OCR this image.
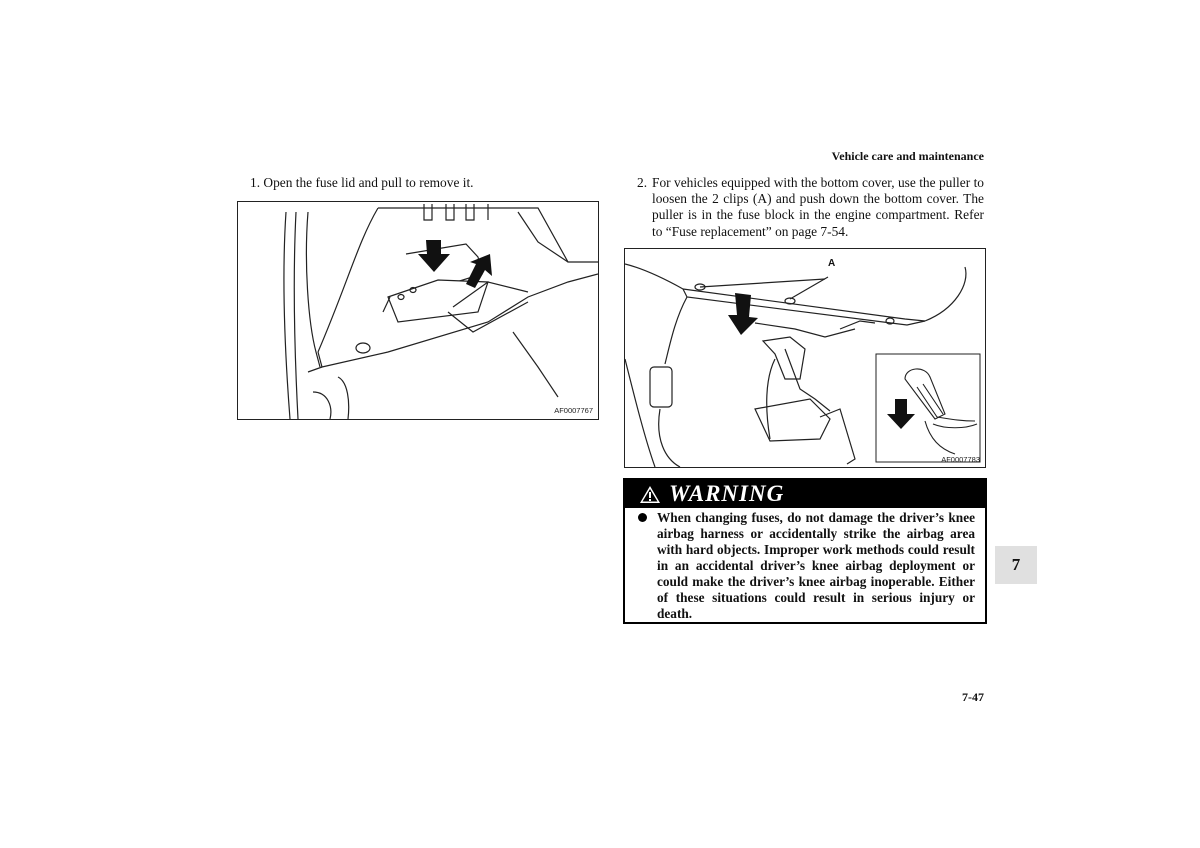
Vehicle care and maintenance
1. Open the fuse lid and pull to remove it.
AF0007767
2. For vehicles equipped with the bottom cover, use the puller to loosen the 2 clips (A) and push down the bottom cover. The puller is in the fuse block in the engine compartment. Refer to “Fuse replacement” on page 7-54.
A
AF0007783
WARNING
When changing fuses, do not damage the driver’s knee airbag harness or accidentally strike the airbag area with hard objects. Improper work methods could result in an accidental driver’s knee airbag deployment or could make the driver’s knee airbag inoperable. Either of these situations could result in serious injury or death.
7
7-47
